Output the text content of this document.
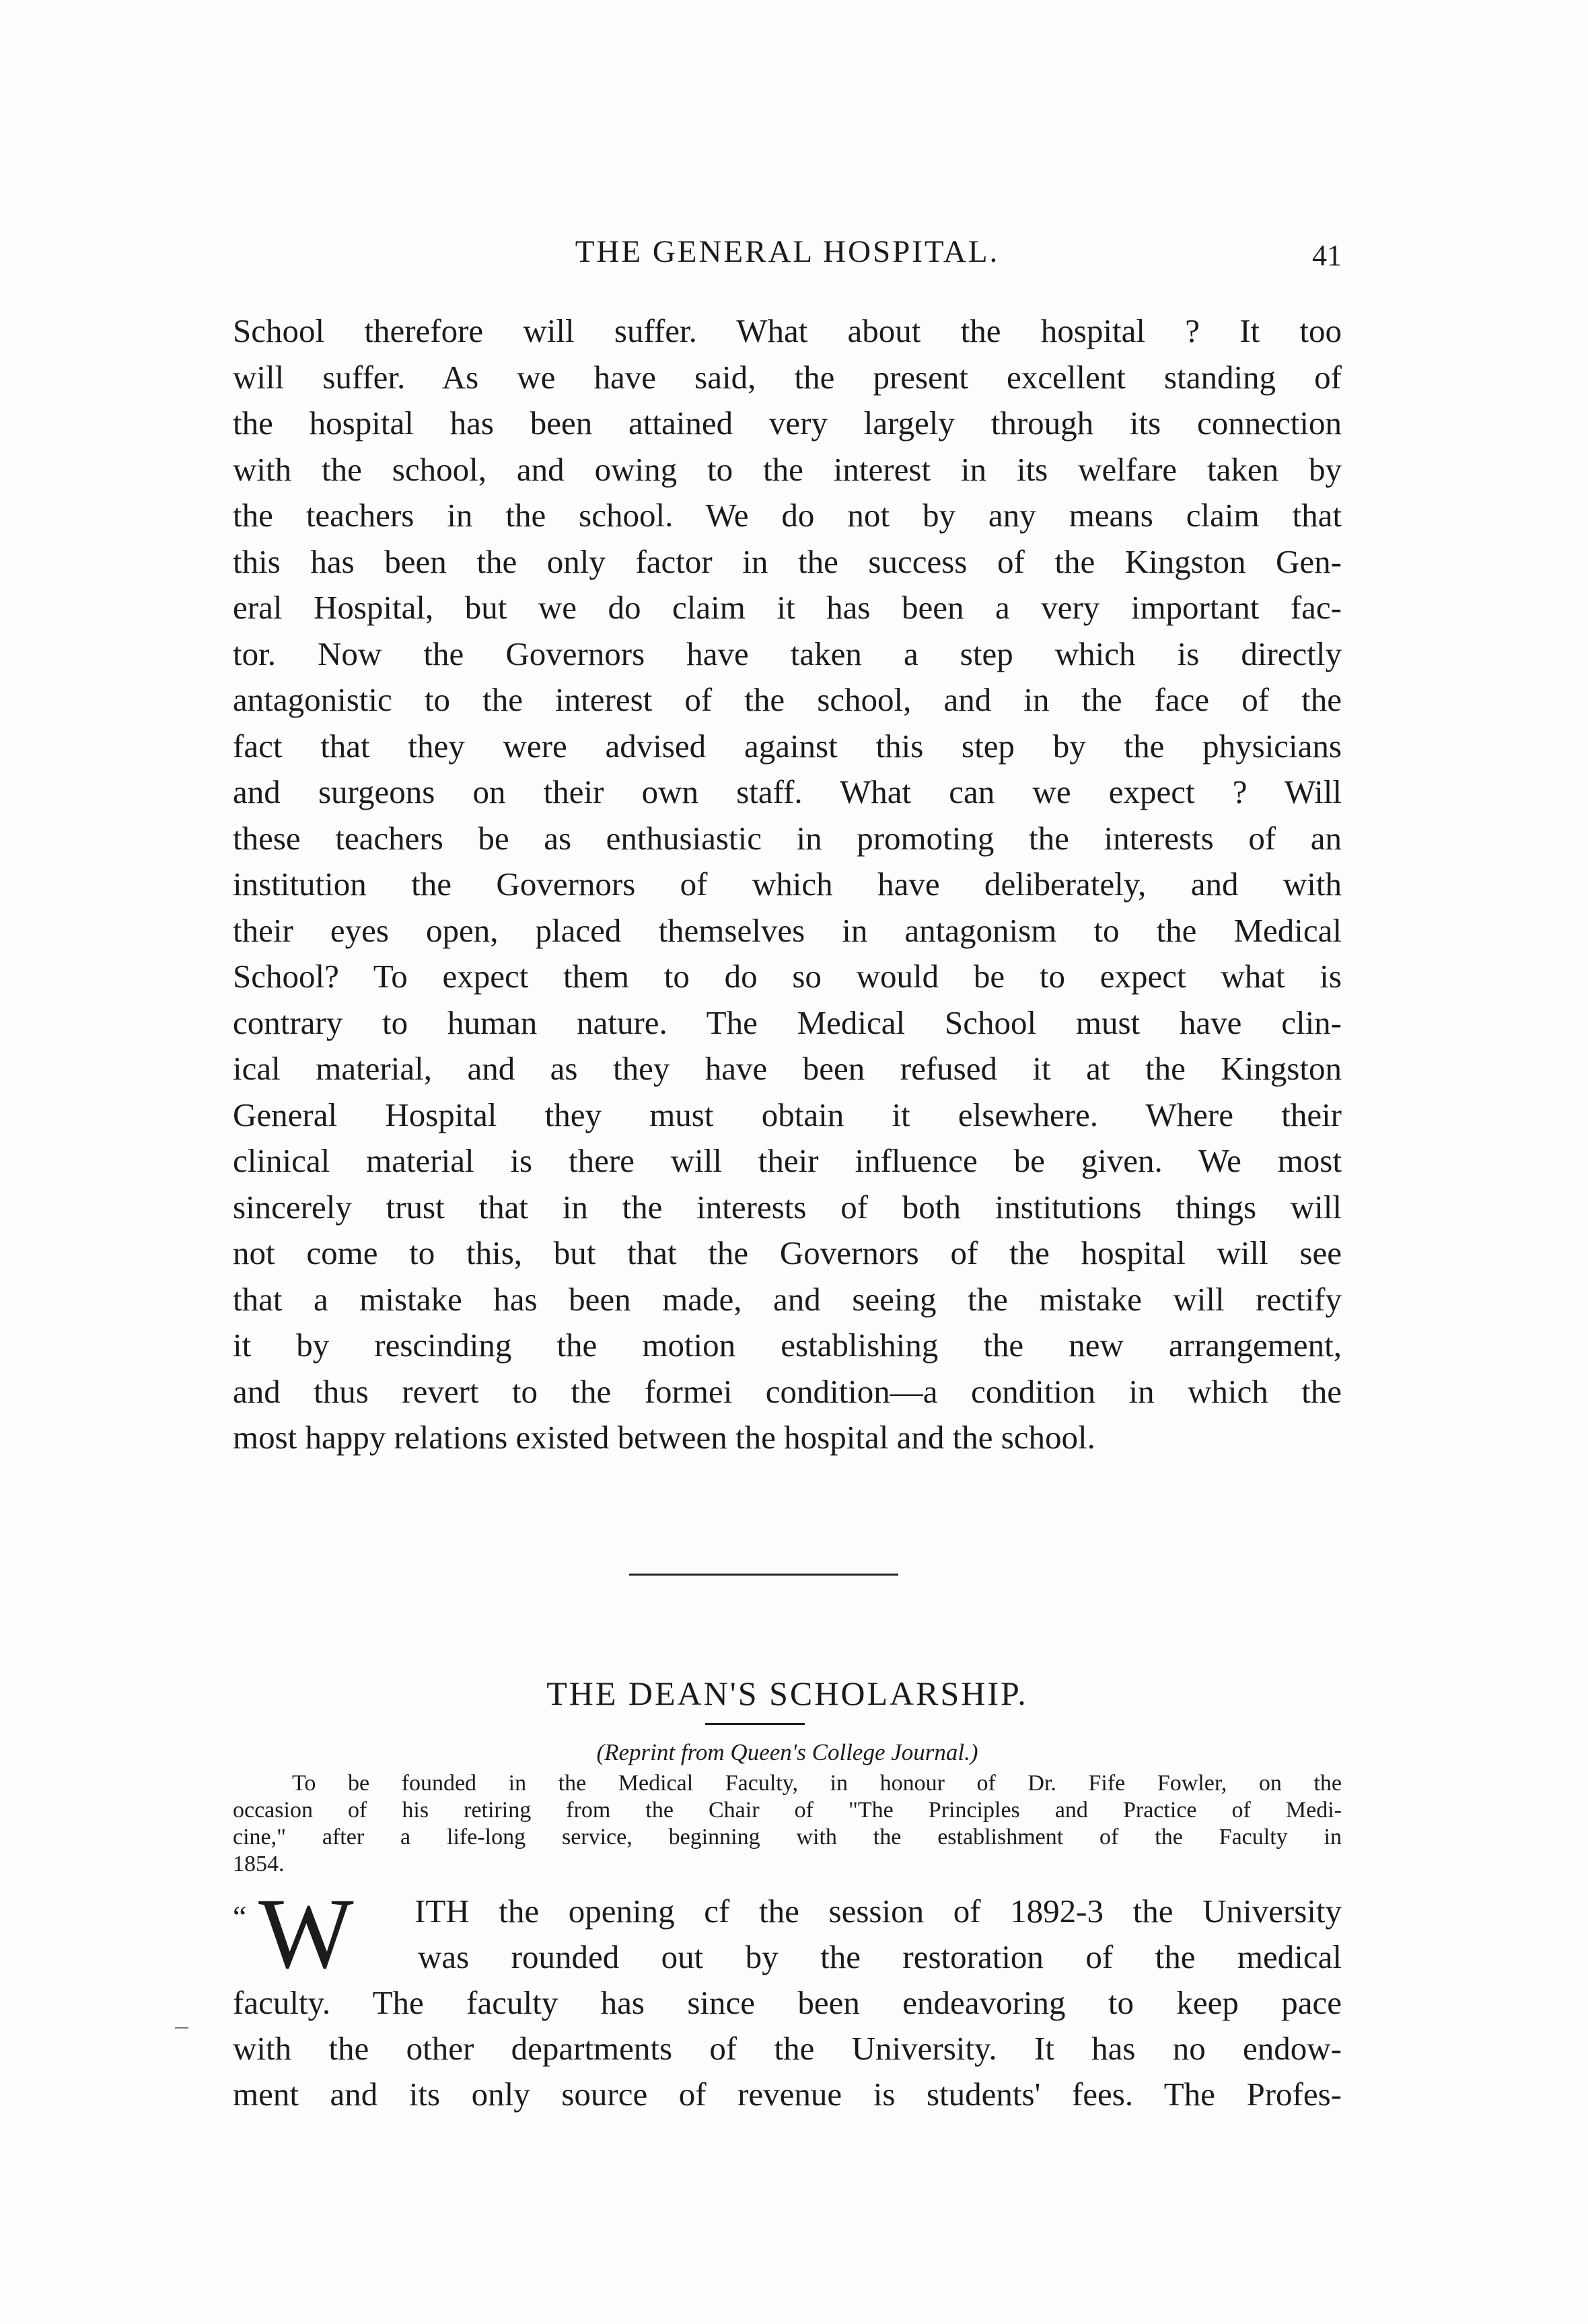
THE GENERAL HOSPITAL.	41
School therefore will suffer. What about the hospital ? It too
will suffer. As we have said, the present excellent standing of
the hospital has been attained very largely through its connection
with the school, and owing to the interest in its welfare taken by
the teachers in the school. We do not by any means claim that
this has been the only factor in the success of the Kingston Gen-
eral Hospital, but we do claim it has been a very important fac-
tor. Now the Governors have taken a step which is directly
antagonistic to the interest of the school, and in the face of the
fact that they were advised against this step by the physicians
and surgeons on their own staff. What can we expect ? Will
these teachers be as enthusiastic in promoting the interests of an
institution the Governors of which have deliberately, and with
their eyes open, placed themselves in antagonism to the Medical
School? To expect them to do so would be to expect what is
contrary to human nature. The Medical School must have clin-
ical material, and as they have been refused it at the Kingston
General Hospital they must obtain it elsewhere. Where their
clinical material is there will their influence be given. We most
sincerely trust that in the interests of both institutions things will
not come to this, but that the Governors of the hospital will see
that a mistake has been made, and seeing the mistake will rectify
it by rescinding the motion establishing the new arrangement,
and thus revert to the formei condition—a condition in which the
most happy relations existed between the hospital and the school.
THE DEAN'S SCHOLARSHIP.
(Reprint from Queen's College Journal.)
To be founded in the Medical Faculty, in honour of Dr. Fife Fowler, on the
occasion of his retiring from the Chair of "The Principles and Practice of Medi-
cine," after a life-long service, beginning with the establishment of the Faculty in
1854.
“ W ITH the opening cf the session of 1892-3 the University
was rounded out by the restoration of the medical
faculty. The faculty has since been endeavoring to keep pace
with the other departments of the University. It has no endow-
ment and its only source of revenue is students' fees. The Profes-
